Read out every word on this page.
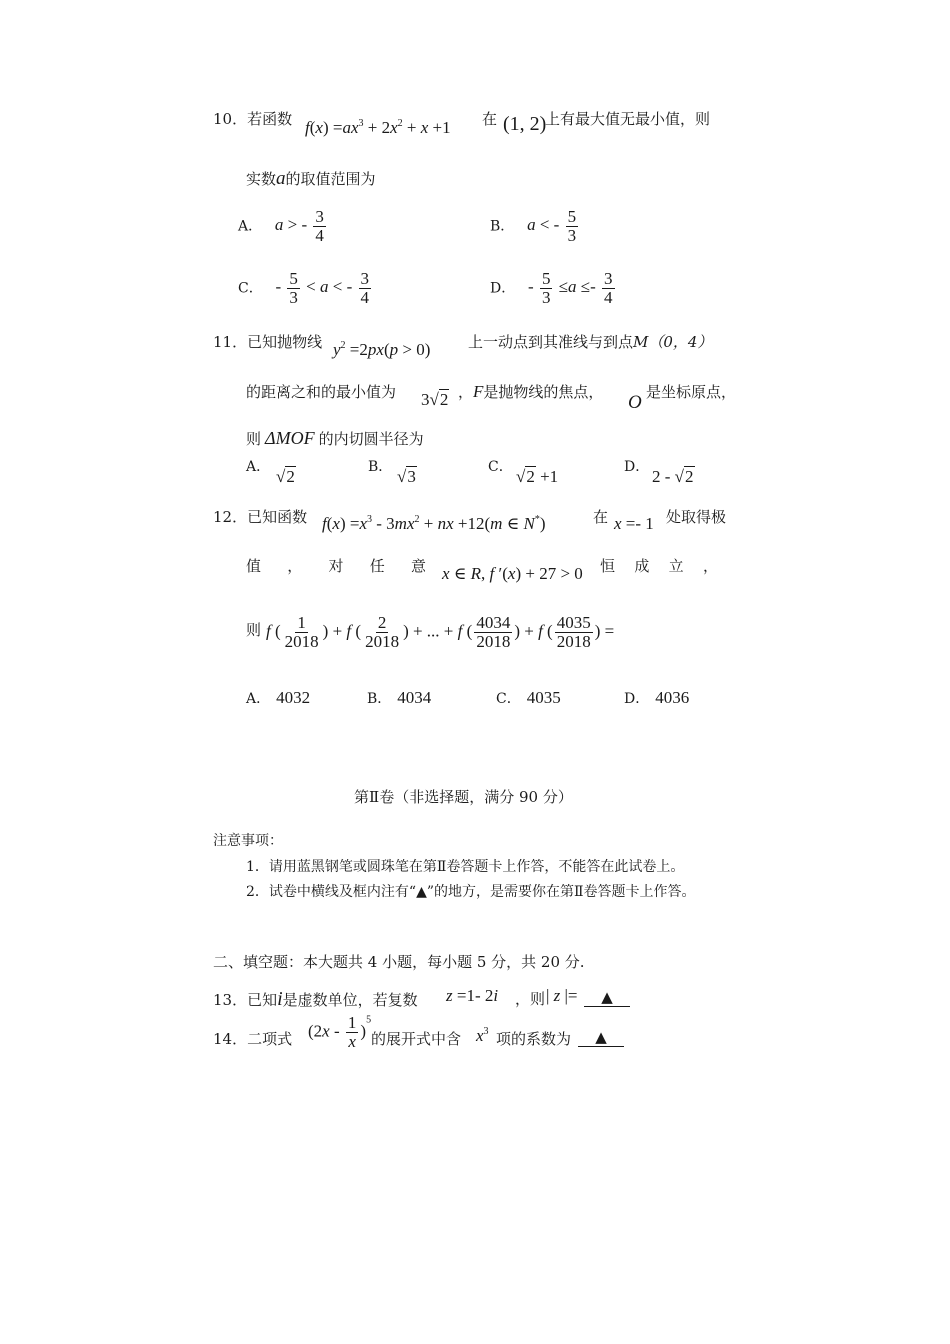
10．若函数 $f(x) =ax^3 + 2x^2 + x +1$ 在 (1, 2)
上有最大值无最小值，则
实数a的取值范围为
A． a > - $\frac{3}{4}$	B． a < - $\frac{5}{3}$
C． - $\frac{5}{3} < a$ < - $\frac{3}{4}$	D． - $\frac{5}{3} \le a \le- \frac{3}{4}$
11．已知抛物线 $y^2 =2px(p > 0)$	上一动点到其准线与到点M（0，4）
的距离之和的最小值为 3√2 ，F是抛物线的焦点， O 是坐标原点，
则 ΔMOF 的内切圆半径为
A． √2	B． √3	C． √2 +1	D． 2 - √2
12．已知函数 $f(x) =x^3 - 3mx^2$ + nx +12(m ∈ N*)	在 x =- 1 处取得极
值 ， 对 任 意 x ∈ R, f ′(x) + 27 > 0 恒 成 立 ，
则 f ( $\frac{1}{2018}$ ) + f ( $\frac{2}{2018}$ ) + ... + f ( $\frac{4034}{2018}$ ) + f ( $\frac{4035}{2018}$ ) =
A． 4032	B． 4034	C． 4035	D． 4036
第Ⅱ卷（非选择题，满分 90 分）
注意事项：
1．请用蓝黑钢笔或圆珠笔在第Ⅱ卷答题卡上作答，不能答在此试卷上。
2．试卷中横线及框内注有“▲”的地方，是需要你在第Ⅱ卷答题卡上作答。
二、填空题：本大题共 4 小题，每小题 5 分，共 20 分.
13．已知i是虚数单位，若复数 z =1- 2i ，则 | z |=	▲
14．二项式 $(2x - \frac{1}{x} )^5$
的展开式中含 $x^3$ 项的系数为	▲
